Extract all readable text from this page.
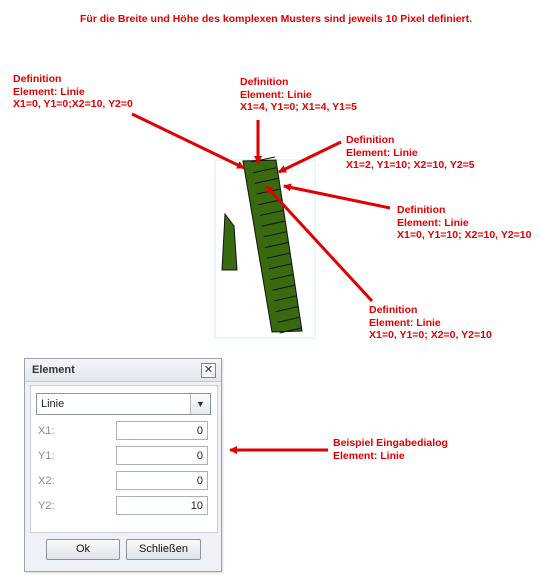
Für die Breite und Höhe des komplexen Musters sind jeweils 10 Pixel definiert.
Definition
Element: Linie
X1=0, Y1=0;X2=10, Y2=0
Definition
Element: Linie
X1=4, Y1=0; X1=4, Y1=5
Definition
Element: Linie
X1=2, Y1=10; X2=10, Y2=5
Definition
Element: Linie
X1=0, Y1=10; X2=10, Y2=10
Definition
Element: Linie
X1=0, Y1=0; X2=0, Y2=10
Beispiel Eingabedialog
Element: Linie
Element	✕
Linie	▼
X1:	0
Y1:	0
X2:	0
Y2:	10
Ok	Schließen
